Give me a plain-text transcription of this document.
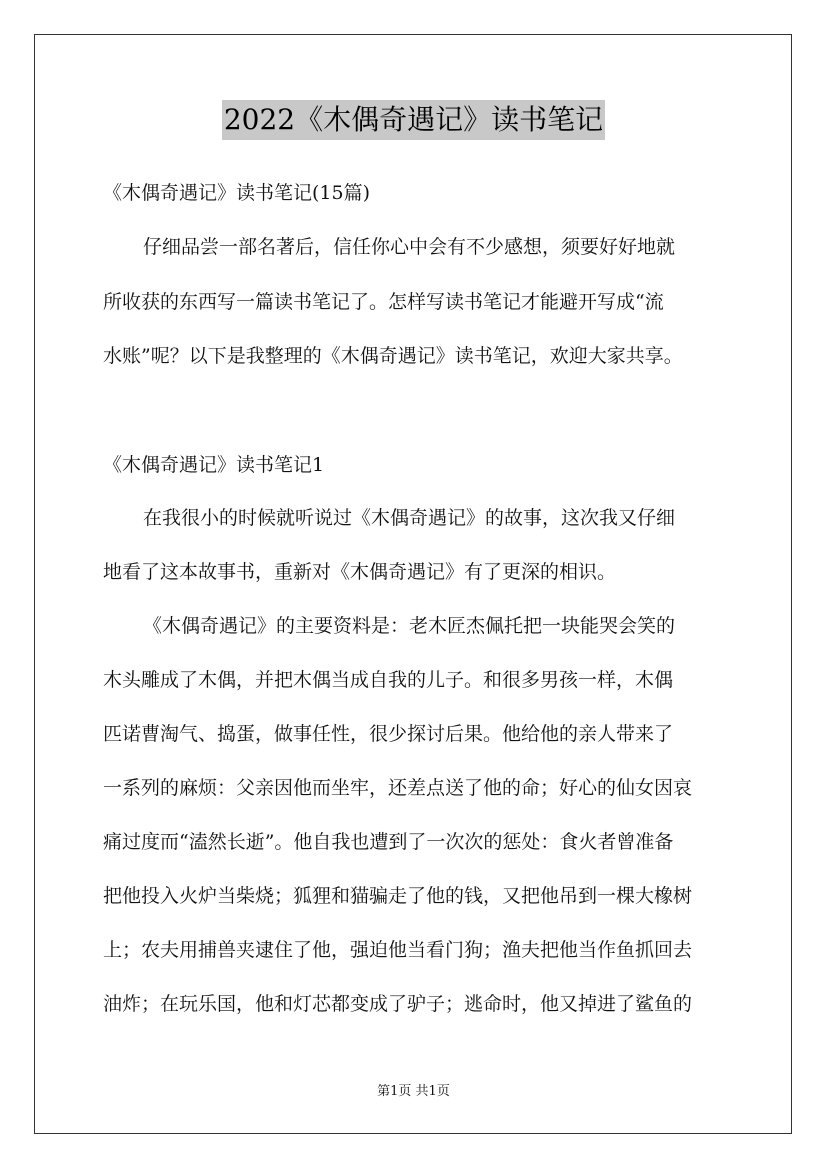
2022《木偶奇遇记》读书笔记
《木偶奇遇记》读书笔记(15篇)
仔细品尝一部名著后，信任你心中会有不少感想，须要好好地就
所收获的东西写一篇读书笔记了。怎样写读书笔记才能避开写成“流
水账”呢？以下是我整理的《木偶奇遇记》读书笔记，欢迎大家共享。
《木偶奇遇记》读书笔记1
在我很小的时候就听说过《木偶奇遇记》的故事，这次我又仔细
地看了这本故事书，重新对《木偶奇遇记》有了更深的相识。
《木偶奇遇记》的主要资料是：老木匠杰佩托把一块能哭会笑的
木头雕成了木偶，并把木偶当成自我的儿子。和很多男孩一样，木偶
匹诺曹淘气、捣蛋，做事任性，很少探讨后果。他给他的亲人带来了
一系列的麻烦：父亲因他而坐牢，还差点送了他的命；好心的仙女因哀
痛过度而“溘然长逝”。他自我也遭到了一次次的惩处：食火者曾准备
把他投入火炉当柴烧；狐狸和猫骗走了他的钱，又把他吊到一棵大橡树
上；农夫用捕兽夹逮住了他，强迫他当看门狗；渔夫把他当作鱼抓回去
油炸；在玩乐国，他和灯芯都变成了驴子；逃命时，他又掉进了鲨鱼的
第1页 共1页
